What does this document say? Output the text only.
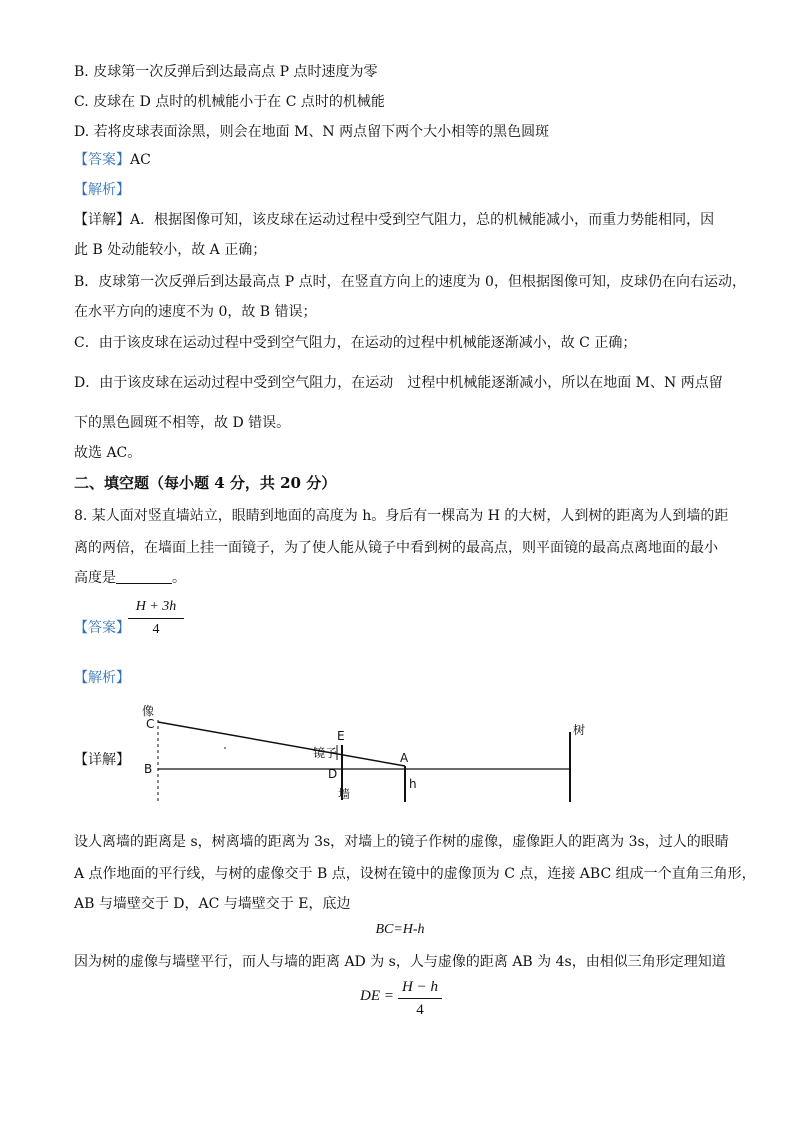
B. 皮球第一次反弹后到达最高点 P 点时速度为零
C. 皮球在 D 点时的机械能小于在 C 点时的机械能
D. 若将皮球表面涂黑，则会在地面 M、N 两点留下两个大小相等的黑色圆斑
【答案】AC
【解析】
【详解】A．根据图像可知，该皮球在运动过程中受到空气阻力，总的机械能减小，而重力势能相同，因
此 B 处动能较小，故 A 正确；
B．皮球第一次反弹后到达最高点 P 点时，在竖直方向上的速度为 0，但根据图像可知，皮球仍在向右运动，
在水平方向的速度不为 0，故 B 错误；
C．由于该皮球在运动过程中受到空气阻力，在运动的过程中机械能逐渐减小，故 C 正确；
D．由于该皮球在运动过程中受到空气阻力，在运动　过程中机械能逐渐减小，所以在地面 M、N 两点留
下的黑色圆斑不相等，故 D 错误。
故选 AC。
二、填空题（每小题 4 分，共 20 分）
8. 某人面对竖直墙站立，眼睛到地面的高度为 h。身后有一棵高为 H 的大树，人到树的距离为人到墙的距
离的两倍，在墙面上挂一面镜子，为了使人能从镜子中看到树的最高点，则平面镜的最高点离地面的最小
高度是	。
【答案】
H + 3h
4
【解析】
【详解】
像
C
B
E
镜子
D
墙
A
h
树
设人离墙的距离是 s，树离墙的距离为 3s，对墙上的镜子作树的虚像，虚像距人的距离为 3s，过人的眼睛
A 点作地面的平行线，与树的虚像交于 B 点，设树在镜中的虚像顶为 C 点，连接 ABC 组成一个直角三角形，
AB 与墙壁交于 D，AC 与墙壁交于 E，底边
BC=H-h
因为树的虚像与墙壁平行，而人与墙的距离 AD 为 s，人与虚像的距离 AB 为 4s，由相似三角形定理知道
DE =
H − h
4
